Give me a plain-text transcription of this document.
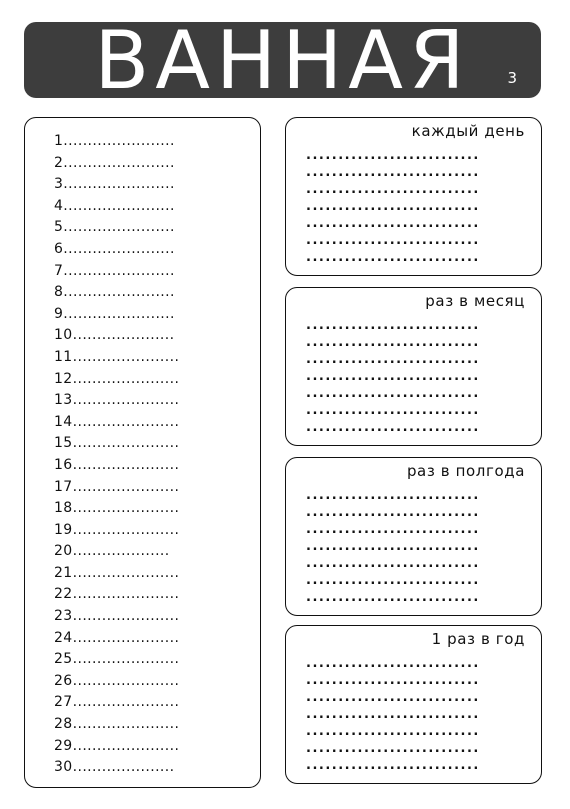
ВАННАЯ	3
1.......................
2.......................
3.......................
4.......................
5.......................
6.......................
7.......................
8.......................
9.......................
10.....................
11......................
12......................
13......................
14......................
15......................
16......................
17......................
18......................
19......................
20....................
21......................
22......................
23......................
24......................
25......................
26......................
27......................
28......................
29......................
30.....................
каждый день
...........................
...........................
...........................
...........................
...........................
...........................
...........................
раз в месяц
...........................
...........................
...........................
...........................
...........................
...........................
...........................
раз в полгода
...........................
...........................
...........................
...........................
...........................
...........................
...........................
1 раз в год
...........................
...........................
...........................
...........................
...........................
...........................
...........................
